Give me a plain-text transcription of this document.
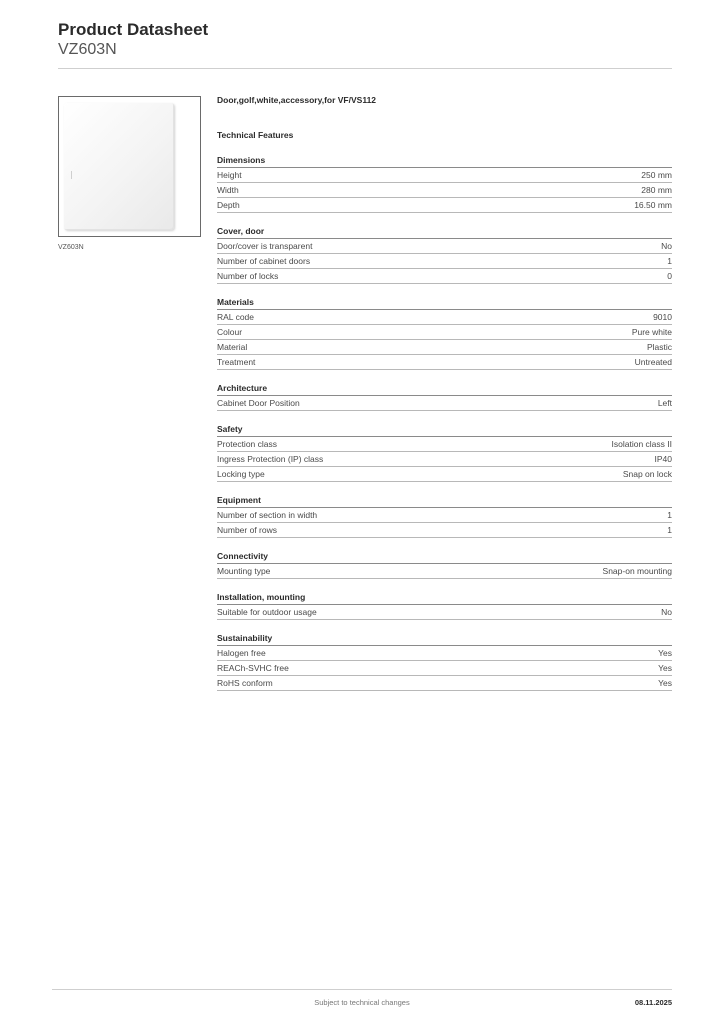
Product Datasheet
VZ603N
VZ603N
Door,golf,white,accessory,for VF/VS112
Technical Features
Dimensions
Height	250 mm
Width	280 mm
Depth	16.50 mm
Cover, door
Door/cover is transparent	No
Number of cabinet doors	1
Number of locks	0
Materials
RAL code	9010
Colour	Pure white
Material	Plastic
Treatment	Untreated
Architecture
Cabinet Door Position	Left
Safety
Protection class	Isolation class II
Ingress Protection (IP) class	IP40
Locking type	Snap on lock
Equipment
Number of section in width	1
Number of rows	1
Connectivity
Mounting type	Snap-on mounting
Installation, mounting
Suitable for outdoor usage	No
Sustainability
Halogen free	Yes
REACh-SVHC free	Yes
RoHS conform	Yes
Subject to technical changes	08.11.2025
